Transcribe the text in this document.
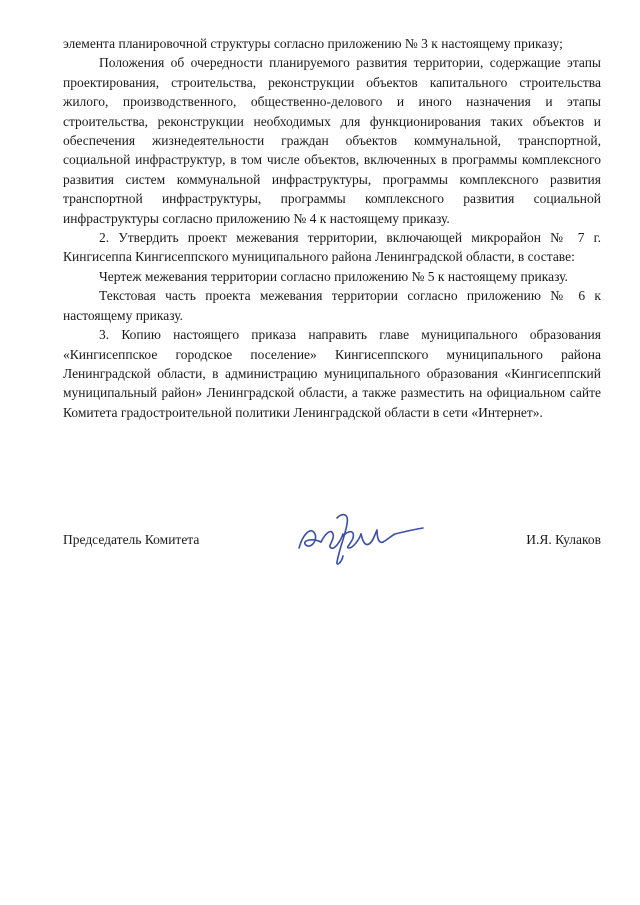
элемента планировочной структуры согласно приложению № 3 к настоящему приказу;

Положения об очередности планируемого развития территории, содержащие этапы проектирования, строительства, реконструкции объектов капитального строительства жилого, производственного, общественно-делового и иного назначения и этапы строительства, реконструкции необходимых для функционирования таких объектов и обеспечения жизнедеятельности граждан объектов коммунальной, транспортной, социальной инфраструктур, в том числе объектов, включенных в программы комплексного развития систем коммунальной инфраструктуры, программы комплексного развития транспортной инфраструктуры, программы комплексного развития социальной инфраструктуры согласно приложению № 4 к настоящему приказу.

2. Утвердить проект межевания территории, включающей микрорайон № 7 г. Кингисеппа Кингисеппского муниципального района Ленинградской области, в составе:

Чертеж межевания территории согласно приложению № 5 к настоящему приказу.

Текстовая часть проекта межевания территории согласно приложению № 6 к настоящему приказу.

3. Копию настоящего приказа направить главе муниципального образования «Кингисеппское городское поселение» Кингисеппского муниципального района Ленинградской области, в администрацию муниципального образования «Кингисеппский муниципальный район» Ленинградской области, а также разместить на официальном сайте Комитета градостроительной политики Ленинградской области в сети «Интернет».

Председатель Комитета	И.Я. Кулаков
